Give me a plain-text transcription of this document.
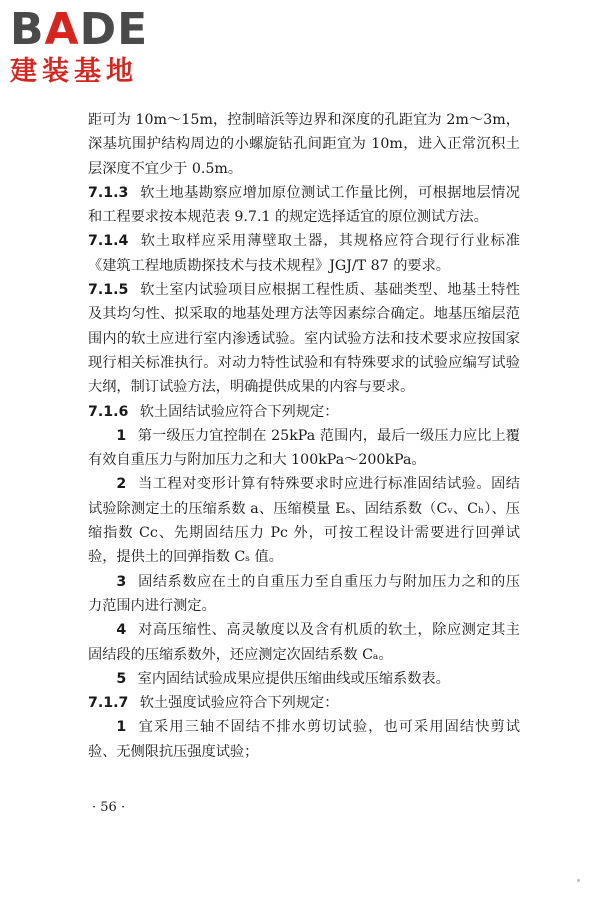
BADE
建装基地

距可为 10m～15m，控制暗浜等边界和深度的孔距宜为 2m～3m，深基坑围护结构周边的小螺旋钻孔间距宜为 10m，进入正常沉积土层深度不宜少于 0.5m。

7.1.3 软土地基勘察应增加原位测试工作量比例，可根据地层情况和工程要求按本规范表 9.7.1 的规定选择适宜的原位测试方法。

7.1.4 软土取样应采用薄壁取土器，其规格应符合现行行业标准《建筑工程地质勘探技术与技术规程》JGJ/T 87 的要求。

7.1.5 软土室内试验项目应根据工程性质、基础类型、地基土特性及其均匀性、拟采取的地基处理方法等因素综合确定。地基压缩层范围内的软土应进行室内渗透试验。室内试验方法和技术要求应按国家现行相关标准执行。对动力特性试验和有特殊要求的试验应编写试验大纲，制订试验方法，明确提供成果的内容与要求。

7.1.6 软土固结试验应符合下列规定：

1 第一级压力宜控制在 25kPa 范围内，最后一级压力应比上覆有效自重压力与附加压力之和大 100kPa～200kPa。

2 当工程对变形计算有特殊要求时应进行标准固结试验。固结试验除测定土的压缩系数 a、压缩模量 Eₛ、固结系数（Cᵥ、Cₕ）、压缩指数 Cc、先期固结压力 Pc 外，可按工程设计需要进行回弹试验，提供土的回弹指数 Cₛ 值。

3 固结系数应在土的自重压力至自重压力与附加压力之和的压力范围内进行测定。

4 对高压缩性、高灵敏度以及含有机质的软土，除应测定其主固结段的压缩系数外，还应测定次固结系数 Cₐ。

5 室内固结试验成果应提供压缩曲线或压缩系数表。

7.1.7 软土强度试验应符合下列规定：

1 宜采用三轴不固结不排水剪切试验，也可采用固结快剪试验、无侧限抗压强度试验；

· 56 ·
